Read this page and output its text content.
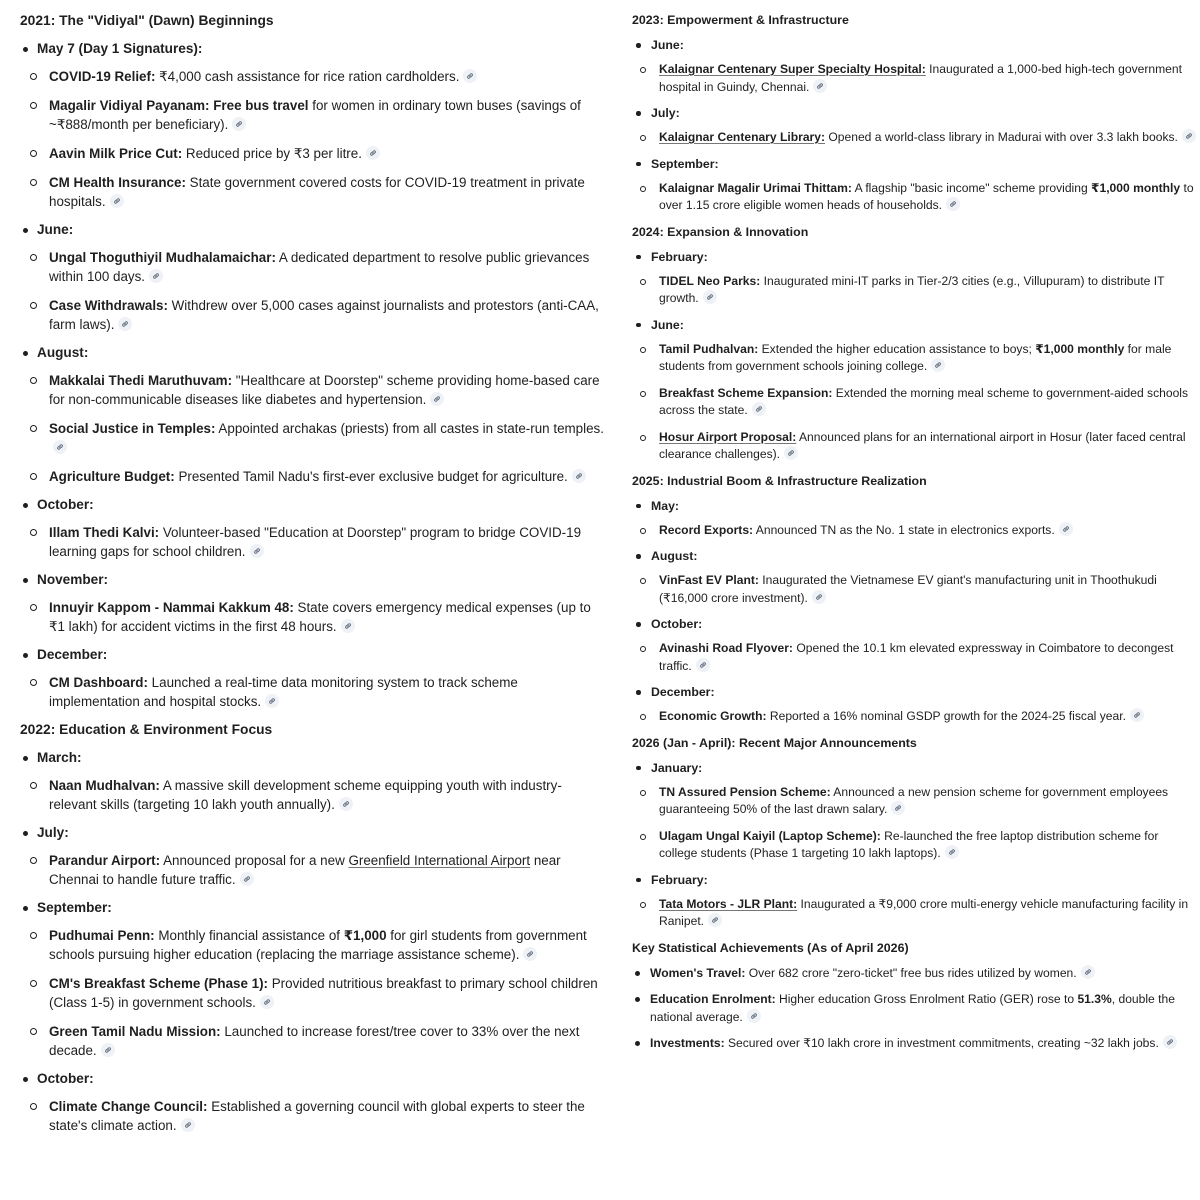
2021: The "Vidiyal" (Dawn) Beginnings
May 7 (Day 1 Signatures):
COVID-19 Relief: ₹4,000 cash assistance for rice ration cardholders.
Magalir Vidiyal Payanam: Free bus travel for women in ordinary town buses (savings of ~₹888/month per beneficiary).
Aavin Milk Price Cut: Reduced price by ₹3 per litre.
CM Health Insurance: State government covered costs for COVID-19 treatment in private hospitals.
June:
Ungal Thoguthiyil Mudhalamaichar: A dedicated department to resolve public grievances within 100 days.
Case Withdrawals: Withdrew over 5,000 cases against journalists and protestors (anti-CAA, farm laws).
August:
Makkalai Thedi Maruthuvam: "Healthcare at Doorstep" scheme providing home-based care for non-communicable diseases like diabetes and hypertension.
Social Justice in Temples: Appointed archakas (priests) from all castes in state-run temples.
Agriculture Budget: Presented Tamil Nadu's first-ever exclusive budget for agriculture.
October:
Illam Thedi Kalvi: Volunteer-based "Education at Doorstep" program to bridge COVID-19 learning gaps for school children.
November:
Innuyir Kappom - Nammai Kakkum 48: State covers emergency medical expenses (up to ₹1 lakh) for accident victims in the first 48 hours.
December:
CM Dashboard: Launched a real-time data monitoring system to track scheme implementation and hospital stocks.
2022: Education & Environment Focus
March:
Naan Mudhalvan: A massive skill development scheme equipping youth with industry-relevant skills (targeting 10 lakh youth annually).
July:
Parandur Airport: Announced proposal for a new Greenfield International Airport near Chennai to handle future traffic.
September:
Pudhumai Penn: Monthly financial assistance of ₹1,000 for girl students from government schools pursuing higher education (replacing the marriage assistance scheme).
CM's Breakfast Scheme (Phase 1): Provided nutritious breakfast to primary school children (Class 1-5) in government schools.
Green Tamil Nadu Mission: Launched to increase forest/tree cover to 33% over the next decade.
October:
Climate Change Council: Established a governing council with global experts to steer the state's climate action.
2023: Empowerment & Infrastructure
June:
Kalaignar Centenary Super Specialty Hospital: Inaugurated a 1,000-bed high-tech government hospital in Guindy, Chennai.
July:
Kalaignar Centenary Library: Opened a world-class library in Madurai with over 3.3 lakh books.
September:
Kalaignar Magalir Urimai Thittam: A flagship "basic income" scheme providing ₹1,000 monthly to over 1.15 crore eligible women heads of households.
2024: Expansion & Innovation
February:
TIDEL Neo Parks: Inaugurated mini-IT parks in Tier-2/3 cities (e.g., Villupuram) to distribute IT growth.
June:
Tamil Pudhalvan: Extended the higher education assistance to boys; ₹1,000 monthly for male students from government schools joining college.
Breakfast Scheme Expansion: Extended the morning meal scheme to government-aided schools across the state.
Hosur Airport Proposal: Announced plans for an international airport in Hosur (later faced central clearance challenges).
2025: Industrial Boom & Infrastructure Realization
May:
Record Exports: Announced TN as the No. 1 state in electronics exports.
August:
VinFast EV Plant: Inaugurated the Vietnamese EV giant's manufacturing unit in Thoothukudi (₹16,000 crore investment).
October:
Avinashi Road Flyover: Opened the 10.1 km elevated expressway in Coimbatore to decongest traffic.
December:
Economic Growth: Reported a 16% nominal GSDP growth for the 2024-25 fiscal year.
2026 (Jan - April): Recent Major Announcements
January:
TN Assured Pension Scheme: Announced a new pension scheme for government employees guaranteeing 50% of the last drawn salary.
Ulagam Ungal Kaiyil (Laptop Scheme): Re-launched the free laptop distribution scheme for college students (Phase 1 targeting 10 lakh laptops).
February:
Tata Motors - JLR Plant: Inaugurated a ₹9,000 crore multi-energy vehicle manufacturing facility in Ranipet.
Key Statistical Achievements (As of April 2026)
Women's Travel: Over 682 crore "zero-ticket" free bus rides utilized by women.
Education Enrolment: Higher education Gross Enrolment Ratio (GER) rose to 51.3%, double the national average.
Investments: Secured over ₹10 lakh crore in investment commitments, creating ~32 lakh jobs.
